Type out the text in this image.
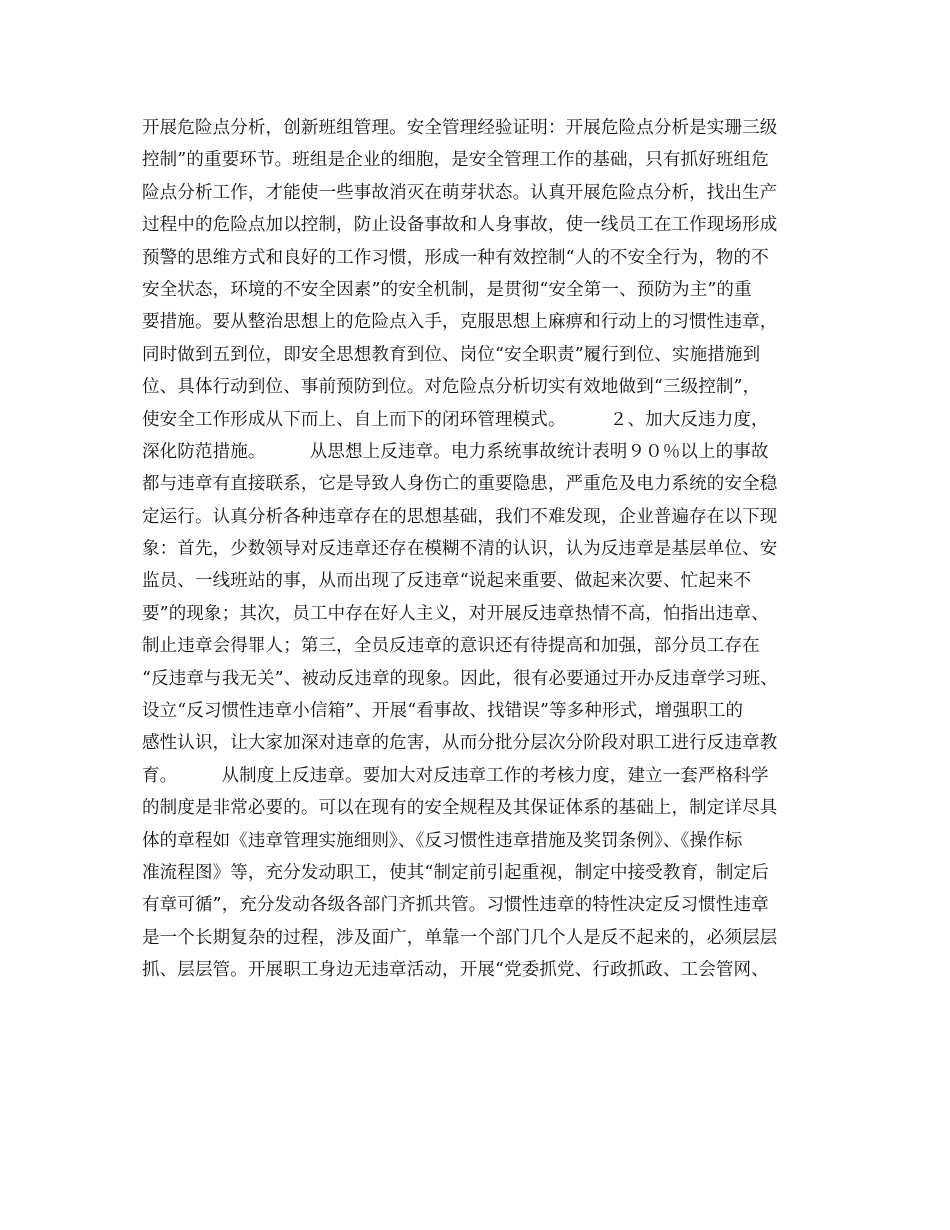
开展危险点分析，创新班组管理。安全管理经验证明：开展危险点分析是实珊三级
控制”的重要环节。班组是企业的细胞，是安全管理工作的基础，只有抓好班组危
险点分析工作，才能使一些事故消灭在萌芽状态。认真开展危险点分析，找出生产
过程中的危险点加以控制，防止设备事故和人身事故，使一线员工在工作现场形成
预警的思维方式和良好的工作习惯，形成一种有效控制“人的不安全行为，物的不
安全状态，环境的不安全因素”的安全机制，是贯彻“安全第一、预防为主”的重
要措施。要从整治思想上的危险点入手，克服思想上麻痹和行动上的习惯性违章，
同时做到五到位，即安全思想教育到位、岗位“安全职责”履行到位、实施措施到
位、具体行动到位、事前预防到位。对危险点分析切实有效地做到“三级控制”，
使安全工作形成从下而上、自上而下的闭环管理模式。　　　２、加大反违力度，
深化防范措施。　　　从思想上反违章。电力系统事故统计表明９０％以上的事故
都与违章有直接联系，它是导致人身伤亡的重要隐患，严重危及电力系统的安全稳
定运行。认真分析各种违章存在的思想基础，我们不难发现，企业普遍存在以下现
象：首先，少数领导对反违章还存在模糊不清的认识，认为反违章是基层单位、安
监员、一线班站的事，从而出现了反违章“说起来重要、做起来次要、忙起来不
要”的现象；其次，员工中存在好人主义，对开展反违章热情不高，怕指出违章、
制止违章会得罪人；第三，全员反违章的意识还有待提高和加强，部分员工存在
“反违章与我无关”、被动反违章的现象。因此，很有必要通过开办反违章学习班、
设立“反习惯性违章小信箱”、开展“看事故、找错误”等多种形式，增强职工的
感性认识，让大家加深对违章的危害，从而分批分层次分阶段对职工进行反违章教
育。　　　从制度上反违章。要加大对反违章工作的考核力度，建立一套严格科学
的制度是非常必要的。可以在现有的安全规程及其保证体系的基础上，制定详尽具
体的章程如《违章管理实施细则》、《反习惯性违章措施及奖罚条例》、《操作标
准流程图》等，充分发动职工，使其“制定前引起重视，制定中接受教育，制定后
有章可循”，充分发动各级各部门齐抓共管。习惯性违章的特性决定反习惯性违章
是一个长期复杂的过程，涉及面广，单靠一个部门几个人是反不起来的，必须层层
抓、层层管。开展职工身边无违章活动，开展“党委抓党、行政抓政、工会管网、
